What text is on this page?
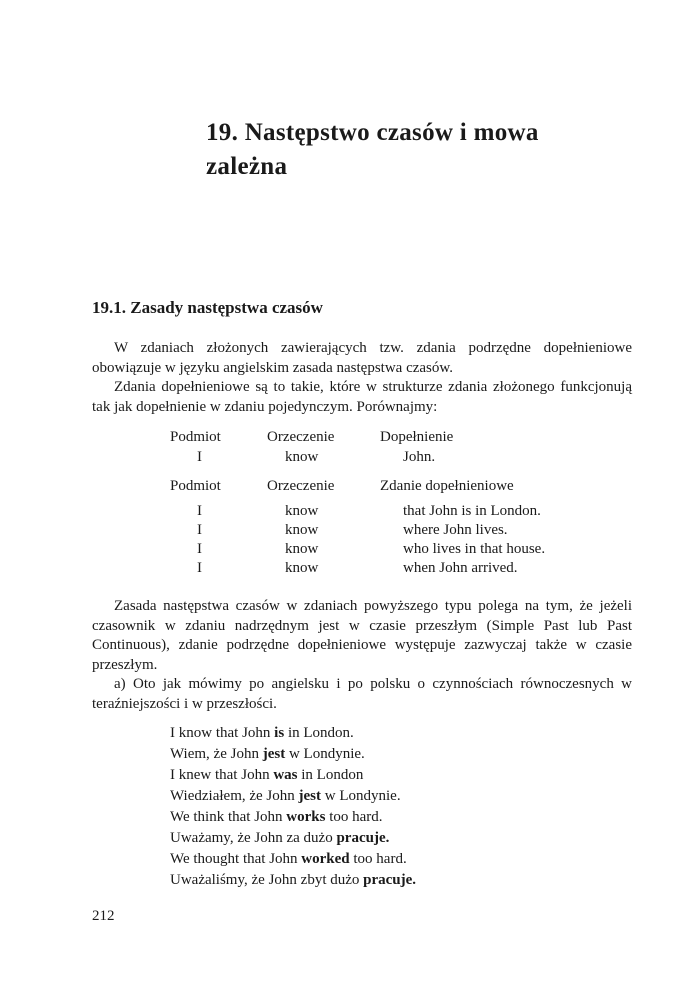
19. Następstwo czasów i mowa zależna
19.1. Zasady następstwa czasów

W zdaniach złożonych zawierających tzw. zdania podrzędne dopełnieniowe obowiązuje w języku angielskim zasada następstwa czasów.

Zdania dopełnieniowe są to takie, które w strukturze zdania złożonego funkcjonują tak jak dopełnienie w zdaniu pojedynczym. Porównajmy:

Podmiot	Orzeczenie	Dopełnienie
I	know	John.
Podmiot	Orzeczenie	Zdanie dopełnieniowe
I	know	that John is in London.
I	know	where John lives.
I	know	who lives in that house.
I	know	when John arrived.

Zasada następstwa czasów w zdaniach powyższego typu polega na tym, że jeżeli czasownik w zdaniu nadrzędnym jest w czasie przeszłym (Simple Past lub Past Continuous), zdanie podrzędne dopełnieniowe występuje zazwyczaj także w czasie przeszłym.

a) Oto jak mówimy po angielsku i po polsku o czynnościach równoczesnych w teraźniejszości i w przeszłości.

I know that John is in London.
Wiem, że John jest w Londynie.
I knew that John was in London
Wiedziałem, że John jest w Londynie.
We think that John works too hard.
Uważamy, że John za dużo pracuje.
We thought that John worked too hard.
Uważaliśmy, że John zbyt dużo pracuje.
212
